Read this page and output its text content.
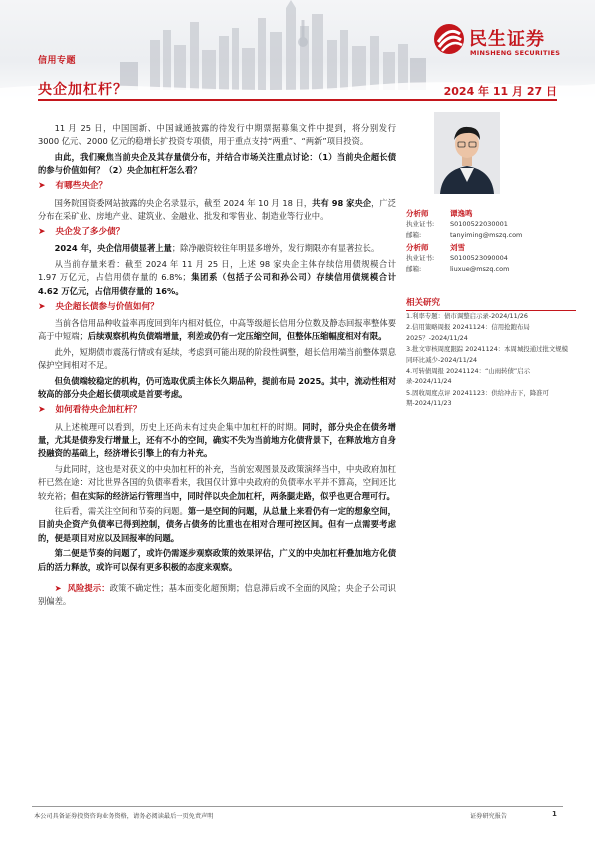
民生证券
MINSHENG SECURITIES
信用专题
央企加杠杆？	2024 年 11 月 27 日

11 月 25 日，中国国新、中国诚通披露的待发行中期票据募集文件中提到，将分别发行 3000 亿元、2000 亿元的稳增长扩投资专项债，用于重点支持“两重”、“两新”项目投资。

由此，我们聚焦当前央企及其存量债分布，并结合市场关注重点讨论：（1）当前央企超长债的参与价值如何？（2）央企加杠杆怎么看？

➤ 有哪些央企？

国务院国资委网站披露的央企名录显示，截至 2024 年 10 月 18 日，共有 98 家央企，广泛分布在采矿业、房地产业、建筑业、金融业、批发和零售业、制造业等行业中。

➤ 央企发了多少债？

2024 年，央企信用债显著上量；除净融资较往年明显多增外，发行期限亦有显著拉长。

从当前存量来看：截至 2024 年 11 月 25 日，上述 98 家央企主体存续信用债规模合计 1.97 万亿元，占信用债存量的 6.8%；集团系（包括子公司和孙公司）存续信用债规模合计 4.62 万亿元，占信用债存量的 16%。

➤ 央企超长债参与价值如何？

当前各信用品种收益率再度回到年内相对低位，中高等级超长信用分位数及静态回报率整体要高于中短端；后续观察机构负债端增量，利差或仍有一定压缩空间，但整体压缩幅度相对有限。

此外，短期债市震荡行情或有延续，考虑到可能出现的阶段性调整，超长信用端当前整体票息保护空间相对不足。

但负债端较稳定的机构，仍可选取优质主体长久期品种，提前布局 2025。其中，流动性相对较高的部分央企超长债项或是首要考虑。

➤ 如何看待央企加杠杆？

从上述梳理可以看到，历史上还尚未有过央企集中加杠杆的时期。同时，部分央企在债务增量，尤其是债券发行增量上，还有不小的空间，确实不失为当前地方化债背景下，在释放地方自身投融资的基础上，经济增长引擎上的有力补充。

与此同时，这也是对获义的中央加杠杆的补充，当前宏观图景及政策演绎当中，中央政府加杠杆已然在途：对比世界各国的负债率看来，我国仅计算中央政府的负债率水平并不算高，空间还比较充裕；但在实际的经济运行管理当中，同时伴以央企加杠杆，两条腿走路，似乎也更合理可行。

往后看，需关注空间和节奏的问题。第一是空间的问题，从总量上来看仍有一定的想象空间，目前央企资产负债率已得到控制，债务占债务的比重也在相对合理可控区间。但有一点需要考虑的，便是项目对应以及回报率的问题。

第二便是节奏的问题了，或许仍需逐步观察政策的效果评估，广义的中央加杠杆叠加地方化债后的活力释放，或许可以保有更多积极的态度来观察。

➤  风险提示：政策不确定性；基本面变化超预期；信息滞后或不全面的风险；央企子公司识别偏差。

分析师	谭逸鸣
执业证书:	S0100522030001
邮箱:	tanyiming@mszq.com
分析师	刘雪
执业证书:	S0100523090004
邮箱:	liuxue@mszq.com
相关研究
1.利率专题：债市调整启示录-2024/11/26
2.信用策略周报 20241124：信用抢跑布局 2025？-2024/11/24
3.批文审核周度跟踪 20241124：本周城投通过批文规模同环比减少-2024/11/24
4.可转债周报 20241124：“山雨转债”启示录-2024/11/24
5.固收周度点评 20241123：供给冲击下，降准可期-2024/11/23
本公司具备证券投资咨询业务资格，请务必阅读最后一页免责声明	证券研究报告	1
